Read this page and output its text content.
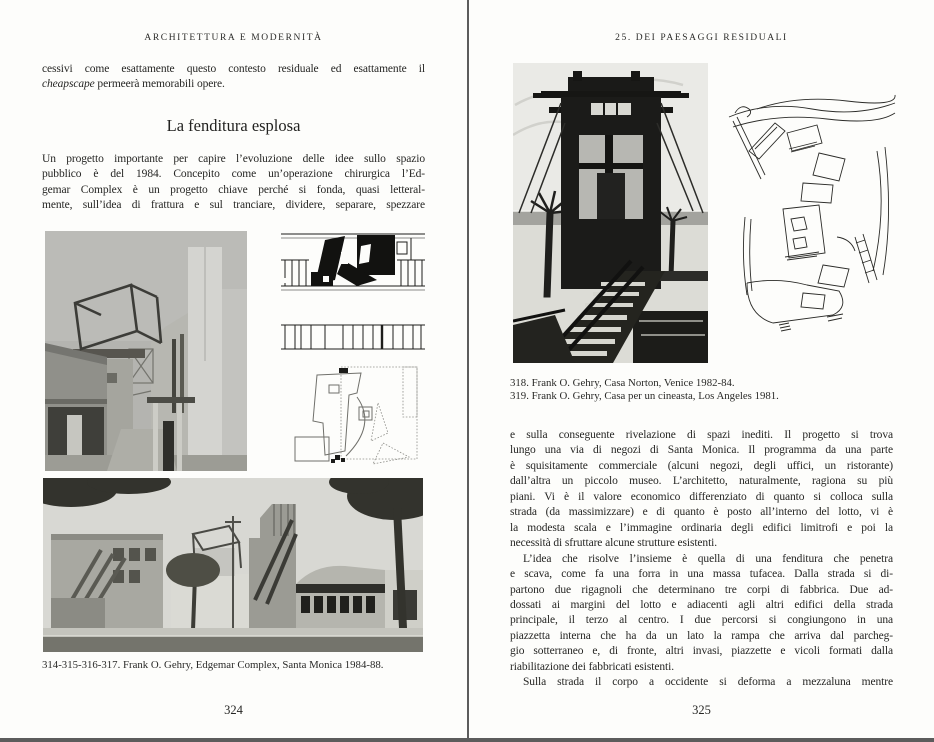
ARCHITETTURA E MODERNITÀ
cessivi come esattamente questo contesto residuale ed esattamente il
cheapscape permeerà memorabili opere.
La fenditura esplosa
Un progetto importante per capire l’evoluzione delle idee sullo spazio
pubblico è del 1984. Concepito come un’operazione chirurgica l’Ed-
gemar Complex è un progetto chiave perché si fonda, quasi letteral-
mente, sull’idea di frattura e sul tranciare, dividere, separare, spezzare
314-315-316-317. Frank O. Gehry, Edgemar Complex, Santa Monica 1984-88.
324
25. DEI PAESAGGI RESIDUALI
318. Frank O. Gehry, Casa Norton, Venice 1982-84.
319. Frank O. Gehry, Casa per un cineasta, Los Angeles 1981.
e sulla conseguente rivelazione di spazi inediti. Il progetto si trova
lungo una via di negozi di Santa Monica. Il programma da una parte
è squisitamente commerciale (alcuni negozi, degli uffici, un ristorante)
dall’altra un piccolo museo. L’architetto, naturalmente, ragiona su più
piani. Vi è il valore economico differenziato di quanto si colloca sulla
strada (da massimizzare) e di quanto è posto all’interno del lotto, vi è
la modesta scala e l’immagine ordinaria degli edifici limitrofi e poi la
necessità di sfruttare alcune strutture esistenti.
L’idea che risolve l’insieme è quella di una fenditura che penetra
e scava, come fa una forra in una massa tufacea. Dalla strada si di-
partono due rigagnoli che determinano tre corpi di fabbrica. Due ad-
dossati ai margini del lotto e adiacenti agli altri edifici della strada
principale, il terzo al centro. I due percorsi si congiungono in una
piazzetta interna che ha da un lato la rampa che arriva dal parcheg-
gio sotterraneo e, di fronte, altri invasi, piazzette e vicoli formati dalla
riabilitazione dei fabbricati esistenti.
Sulla strada il corpo a occidente si deforma a mezzaluna mentre
325
